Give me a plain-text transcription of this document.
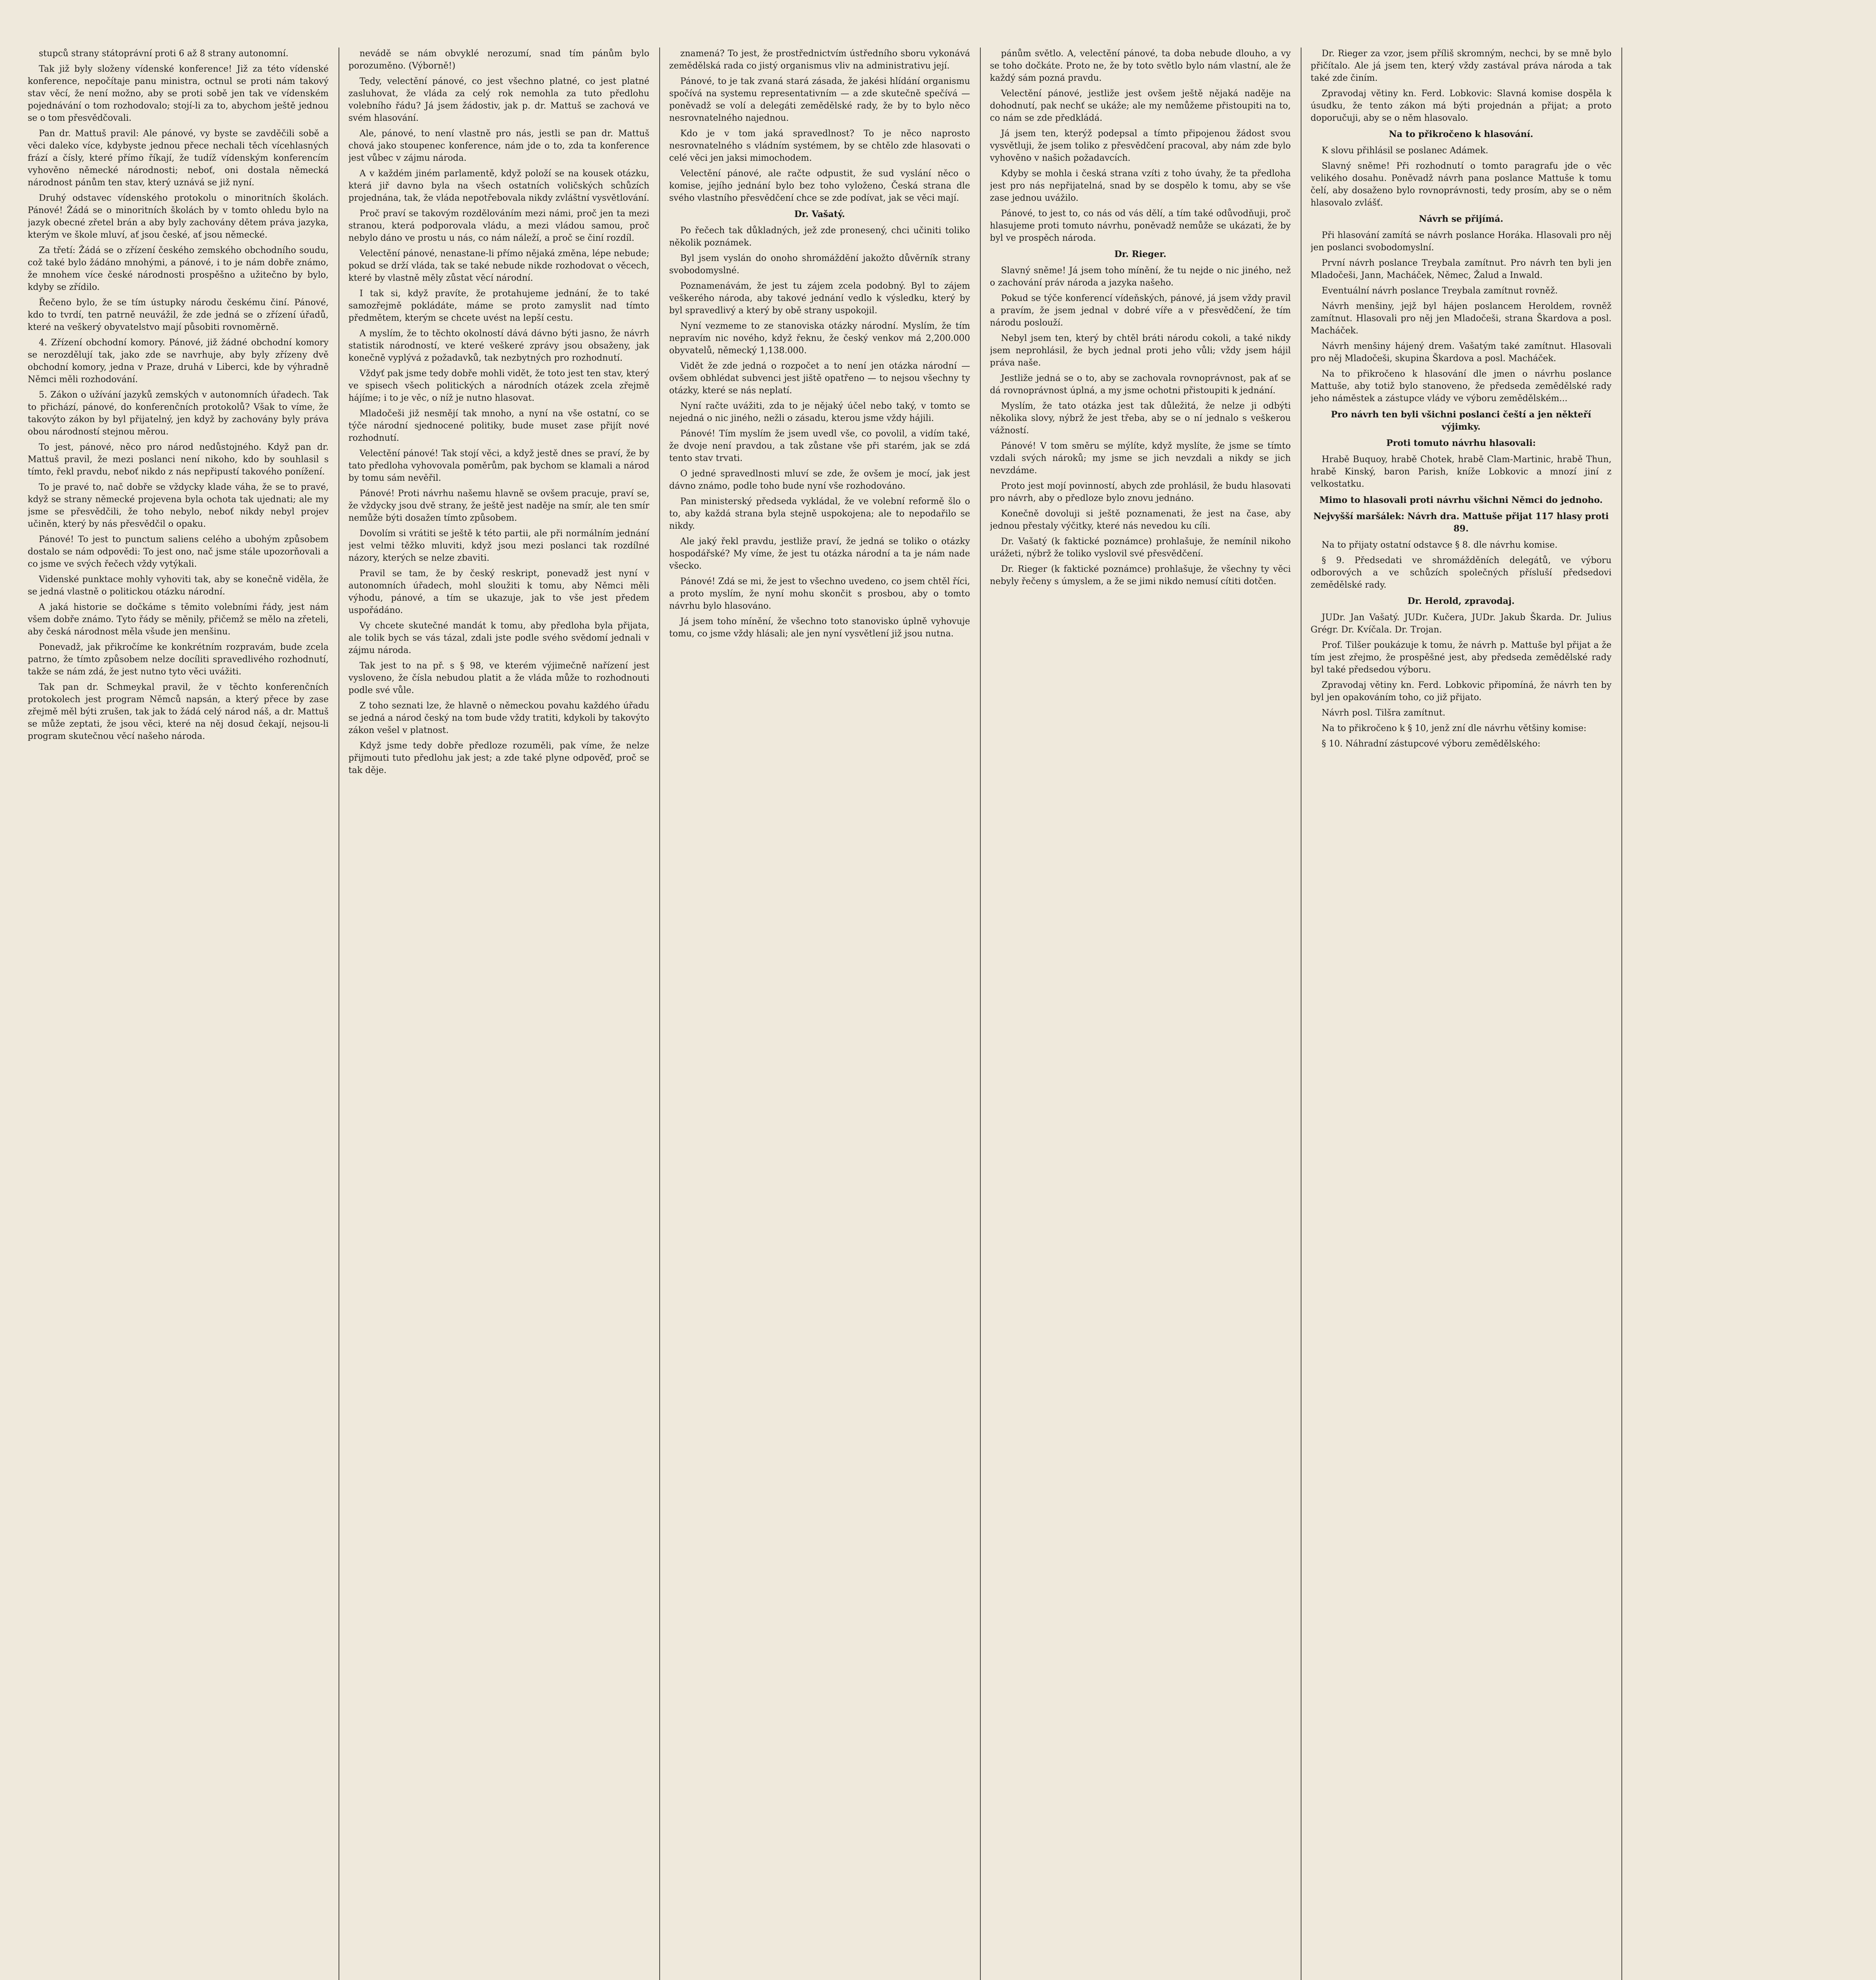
stupců strany státoprávní proti 6 až 8 strany autonomní.
Tak již byly složeny vídenské konference! Již za této vídenské konference, nepočítaje panu ministra, octnul se proti nám takový stav věcí, že není možno, aby se proti sobě jen tak ve vídenském pojednávání o tom rozhodovalo; stojí-li za to, abychom ještě jednou se o tom přesvědčovali.
Pan dr. Mattuš pravil: Ale pánové, vy byste se zavděčili sobě a věci daleko více, kdybyste jednou přece nechali těch vícehlasných frází a čísly, které přímo říkají, že tudíž vídenským konferencím vyhověno německé národnosti; neboť, oni dostala německá národnost pánům ten stav, který uznává se již nyní.
Druhý odstavec vídenského protokolu o minoritních školách. Pánové! Žádá se o minoritních školách by v tomto ohledu bylo na jazyk obecné zřetel brán a aby byly zachovány dětem práva jazyka, kterým ve škole mluví, ať jsou české, ať jsou německé.
Za třetí: Žádá se o zřízení českého zemského obchodního soudu, což také bylo žádáno mnohými, a pánové, i to je nám dobře známo, že mnohem více české národnosti prospěšno a užitečno by bylo, kdyby se zřídilo.
Řečeno bylo, že se tím ústupky národu českému činí. Pánové, kdo to tvrdí, ten patrně neuvážil, že zde jedná se o zřízení úřadů, které na veškerý obyvatelstvo mají působiti rovnoměrně.
4. Zřízení obchodní komory. Pánové, již žádné obchodní komory se nerozdělují tak, jako zde se navrhuje, aby byly zřízeny dvě obchodní komory, jedna v Praze, druhá v Liberci, kde by výhradně Němci měli rozhodování.
5. Zákon o užívání jazyků zemských v autonomních úřadech. Tak to přichází, pánové, do konferenčních protokolů? Však to víme, že takovýto zákon by byl přijatelný, jen když by zachovány byly práva obou národností stejnou měrou.
To jest, pánové, něco pro národ nedůstojného. Když pan dr. Mattuš pravil, že mezi poslanci není nikoho, kdo by souhlasil s tímto, řekl pravdu, neboť nikdo z nás nepřipustí takového ponížení.
To je pravé to, nač dobře se vždycky klade váha, že se to pravé, když se strany německé projevena byla ochota tak ujednati; ale my jsme se přesvědčili, že toho nebylo, neboť nikdy nebyl projev učiněn, který by nás přesvědčil o opaku.
Pánové! To jest to punctum saliens celého a ubohým způsobem dostalo se nám odpovědi: To jest ono, nač jsme stále upozorňovali a co jsme ve svých řečech vždy vytýkali.
Videnské punktace mohly vyhoviti tak, aby se konečně viděla, že se jedná vlastně o politickou otázku národní.
A jaká historie se dočkáme s těmito volebními řády, jest nám všem dobře známo. Tyto řády se měnily, přičemž se mělo na zřeteli, aby česká národnost měla všude jen menšinu.
Ponevadž, jak přikročíme ke konkrétním rozpravám, bude zcela patrno, že tímto způsobem nelze docíliti spravedlivého rozhodnutí, takže se nám zdá, že jest nutno tyto věci uvážiti.
Tak pan dr. Schmeykal pravil, že v těchto konferenčních protokolech jest program Němců napsán, a který přece by zase zřejmě měl býti zrušen, tak jak to žádá celý národ náš, a dr. Mattuš se může zeptati, že jsou věci, které na něj dosud čekají, nejsou-li program skutečnou věcí našeho národa.
nevádě se nám obvyklé nerozumí, snad tím pánům bylo porozuměno. (Výborně!)
Tedy, velectění pánové, co jest všechno platné, co jest platné zasluhovat, že vláda za celý rok nemohla za tuto předlohu volebního řádu? Já jsem žádostiv, jak p. dr. Mattuš se zachová ve svém hlasování.
Ale, pánové, to není vlastně pro nás, jestli se pan dr. Mattuš chová jako stoupenec konference, nám jde o to, zda ta konference jest vůbec v zájmu národa.
A v každém jiném parlamentě, když položí se na kousek otázku, která jiř davno byla na všech ostatních voličských schůzích projednána, tak, že vláda nepotřebovala nikdy zvláštní vysvětlování.
Proč praví se takovým rozdělováním mezi námi, proč jen ta mezi stranou, která podporovala vládu, a mezi vládou samou, proč nebylo dáno ve prostu u nás, co nám náleží, a proč se činí rozdíl.
Velectění pánové, nenastane-li přímo nějaká změna, lépe nebude; pokud se drží vláda, tak se také nebude nikde rozhodovat o věcech, které by vlastně měly zůstat věcí národní.
I tak si, když pravíte, že protahujeme jednání, že to také samozřejmě pokládáte, máme se proto zamyslit nad tímto předmětem, kterým se chcete uvést na lepší cestu.
A myslím, že to těchto okolností dává dávno býti jasno, že návrh statistik národností, ve které veškeré zprávy jsou obsaženy, jak konečně vyplývá z požadavků, tak nezbytných pro rozhodnutí.
Vždyť pak jsme tedy dobře mohli vidět, že toto jest ten stav, který ve spisech všech politických a národních otázek zcela zřejmě hájíme; i to je věc, o níž je nutno hlasovat.
Mladočeši již nesmějí tak mnoho, a nyní na vše ostatní, co se týče národní sjednocené politiky, bude muset zase přijít nové rozhodnutí.
Velectění pánové! Tak stojí věci, a když jestě dnes se praví, že by tato předloha vyhovovala poměrům, pak bychom se klamali a národ by tomu sám nevěřil.
Pánové! Proti návrhu našemu hlavně se ovšem pracuje, praví se, že vždycky jsou dvě strany, že ještě jest naděje na smír, ale ten smír nemůže býti dosažen tímto způsobem.
Dovolím si vrátiti se ještě k této partii, ale při normálním jednání jest velmi těžko mluviti, když jsou mezi poslanci tak rozdílné názory, kterých se nelze zbaviti.
Pravil se tam, že by český reskript, ponevadž jest nyní v autonomních úřadech, mohl sloužiti k tomu, aby Němci měli výhodu, pánové, a tím se ukazuje, jak to vše jest předem uspořádáno.
Vy chcete skutečné mandát k tomu, aby předloha byla přijata, ale tolik bych se vás tázal, zdali jste podle svého svědomí jednali v zájmu národa.
Tak jest to na př. s § 98, ve kterém výjimečně nařízení jest vysloveno, že čísla nebudou platit a že vláda může to rozhodnouti podle své vůle.
Z toho seznati lze, že hlavně o německou povahu každého úřadu se jedná a národ český na tom bude vždy tratiti, kdykoli by takovýto zákon vešel v platnost.
Když jsme tedy dobře předloze rozuměli, pak víme, že nelze přijmouti tuto předlohu jak jest; a zde také plyne odpověď, proč se tak děje.
znamená? To jest, že prostřednictvím ústředního sboru vykonává zemědělská rada co jistý organismus vliv na administrativu její.
Pánové, to je tak zvaná stará zásada, že jakési hlídání organismu spočívá na systemu representativním — a zde skutečně spečívá — poněvadž se volí a delegáti zemědělské rady, že by to bylo něco nesrovnatelného najednou.
Kdo je v tom jaká spravedlnost? To je něco naprosto nesrovnatelného s vládním systémem, by se chtělo zde hlasovati o celé věci jen jaksi mimochodem.
Velectění pánové, ale račte odpustit, že sud vyslání něco o komise, jejího jednání bylo bez toho vyloženo, Česká strana dle svého vlastního přesvědčení chce se zde podívat, jak se věci mají.
Dr. Vašatý.
Po řečech tak důkladných, jež zde pronesený, chci učiniti toliko několik poznámek.
Byl jsem vyslán do onoho shromáždění jakožto důvěrník strany svobodomyslné.
Poznamenávám, že jest tu zájem zcela podobný. Byl to zájem veškerého národa, aby takové jednání vedlo k výsledku, který by byl spravedlivý a který by obě strany uspokojil.
Nyní vezmeme to ze stanoviska otázky národní. Myslím, že tím nepravím nic nového, když řeknu, že český venkov má 2,200.000 obyvatelů, německý 1,138.000.
Vidět že zde jedná o rozpočet a to není jen otázka národní — ovšem obhlédat subvenci jest jiště opatřeno — to nejsou všechny ty otázky, které se nás neplatí.
Nyní račte uvážiti, zda to je nějaký účel nebo taký, v tomto se nejedná o nic jiného, nežli o zásadu, kterou jsme vždy hájili.
Pánové! Tím myslím že jsem uvedl vše, co povolil, a vidím také, že dvoje není pravdou, a tak zůstane vše při starém, jak se zdá tento stav trvati.
O jedné spravedlnosti mluví se zde, že ovšem je mocí, jak jest dávno známo, podle toho bude nyní vše rozhodováno.
Pan ministerský předseda vykládal, že ve volební reformě šlo o to, aby každá strana byla stejně uspokojena; ale to nepodařilo se nikdy.
Ale jaký řekl pravdu, jestliže praví, že jedná se toliko o otázky hospodářské? My víme, že jest tu otázka národní a ta je nám nade všecko.
Pánové! Zdá se mi, že jest to všechno uvedeno, co jsem chtěl říci, a proto myslím, že nyní mohu skončit s prosbou, aby o tomto návrhu bylo hlasováno.
Já jsem toho mínění, že všechno toto stanovisko úplně vyhovuje tomu, co jsme vždy hlásali; ale jen nyní vysvětlení již jsou nutna.
pánům světlo. A, velectění pánové, ta doba nebude dlouho, a vy se toho dočkáte. Proto ne, že by toto světlo bylo nám vlastní, ale že každý sám pozná pravdu.
Velectění pánové, jestliže jest ovšem ještě nějaká naděje na dohodnutí, pak nechť se ukáže; ale my nemůžeme přistoupiti na to, co nám se zde předkládá.
Já jsem ten, kterýž podepsal a tímto připojenou žádost svou vysvětluji, že jsem toliko z přesvědčení pracoval, aby nám zde bylo vyhověno v našich požadavcích.
Kdyby se mohla i česká strana vzíti z toho úvahy, že ta předloha jest pro nás nepřijatelná, snad by se dospělo k tomu, aby se vše zase jednou uvážilo.
Pánové, to jest to, co nás od vás dělí, a tím také odůvodňuji, proč hlasujeme proti tomuto návrhu, poněvadž nemůže se ukázati, že by byl ve prospěch národa.
Dr. Rieger.
Slavný sněme! Já jsem toho mínění, že tu nejde o nic jiného, než o zachování práv národa a jazyka našeho.
Pokud se týče konferencí vídeňských, pánové, já jsem vždy pravil a pravím, že jsem jednal v dobré víře a v přesvědčení, že tím národu poslouží.
Nebyl jsem ten, který by chtěl bráti národu cokoli, a také nikdy jsem neprohlásil, že bych jednal proti jeho vůli; vždy jsem hájil práva naše.
Jestliže jedná se o to, aby se zachovala rovnoprávnost, pak ať se dá rovnoprávnost úplná, a my jsme ochotni přistoupiti k jednání.
Myslím, že tato otázka jest tak důležitá, že nelze ji odbýti několika slovy, nýbrž že jest třeba, aby se o ní jednalo s veškerou vážností.
Pánové! V tom směru se mýlíte, když myslíte, že jsme se tímto vzdali svých nároků; my jsme se jich nevzdali a nikdy se jich nevzdáme.
Proto jest mojí povinností, abych zde prohlásil, že budu hlasovati pro návrh, aby o předloze bylo znovu jednáno.
Konečně dovoluji si ještě poznamenati, že jest na čase, aby jednou přestaly výčitky, které nás nevedou ku cíli.
Dr. Vašatý (k faktické poznámce) prohlašuje, že nemínil nikoho urážeti, nýbrž že toliko vyslovil své přesvědčení.
Dr. Rieger (k faktické poznámce) prohlašuje, že všechny ty věci nebyly řečeny s úmyslem, a že se jimi nikdo nemusí cítiti dotčen.
Dr. Rieger za vzor, jsem příliš skromným, nechci, by se mně bylo přičítalo. Ale já jsem ten, který vždy zastával práva národa a tak také zde činím.
Zpravodaj větiny kn. Ferd. Lobkovic: Slavná komise dospěla k úsudku, že tento zákon má býti projednán a přijat; a proto doporučuji, aby se o něm hlasovalo.
Na to přikročeno k hlasování.
K slovu přihlásil se poslanec Adámek.
Slavný sněme! Při rozhodnutí o tomto paragrafu jde o věc velikého dosahu. Poněvadž návrh pana poslance Mattuše k tomu čelí, aby dosaženo bylo rovnoprávnosti, tedy prosím, aby se o něm hlasovalo zvlášť.
Návrh se přijímá.
Při hlasování zamítá se návrh poslance Horáka. Hlasovali pro něj jen poslanci svobodomyslní.
První návrh poslance Treybala zamítnut. Pro návrh ten byli jen Mladočeši, Jann, Macháček, Němec, Žalud a Inwald.
Eventuální návrh poslance Treybala zamítnut rovněž.
Návrh menšiny, jejž byl hájen poslancem Heroldem, rovněž zamítnut. Hlasovali pro něj jen Mladočeši, strana Škardova a posl. Macháček.
Návrh menšiny hájený drem. Vašatým také zamítnut. Hlasovali pro něj Mladočeši, skupina Škardova a posl. Macháček.
Na to přikročeno k hlasování dle jmen o návrhu poslance Mattuše, aby totiž bylo stanoveno, že předseda zemědělské rady jeho náměstek a zástupce vlády ve výboru zemědělském...
Pro návrh ten byli všichni poslanci čeští a jen někteří výjimky.
Proti tomuto návrhu hlasovali:
Hrabě Buquoy, hrabě Chotek, hrabě Clam-Martinic, hrabě Thun, hrabě Kinský, baron Parish, kníže Lobkovic a mnozí jiní z velkostatku.
Mimo to hlasovali proti návrhu všichni Němci do jednoho.
Nejvyšší maršálek: Návrh dra. Mattuše přijat 117 hlasy proti 89.
Na to přijaty ostatní odstavce § 8. dle návrhu komise.
§ 9. Předsedati ve shromážděních delegátů, ve výboru odborových a ve schůzích společných přísluší předsedovi zemědělské rady.
Dr. Herold, zpravodaj.
JUDr. Jan Vašatý. JUDr. Kučera, JUDr. Jakub Škarda. Dr. Julius Grégr. Dr. Kvíčala. Dr. Trojan.
Prof. Tilšer poukázuje k tomu, že návrh p. Mattuše byl přijat a že tím jest zřejmo, že prospěšné jest, aby předseda zemědělské rady byl také předsedou výboru.
Zpravodaj větiny kn. Ferd. Lobkovic připomíná, že návrh ten by byl jen opakováním toho, co již přijato.
Návrh posl. Tilšra zamítnut.
Na to přikročeno k § 10, jenž zní dle návrhu většiny komise:
§ 10. Náhradní zástupcové výboru zemědělského:
